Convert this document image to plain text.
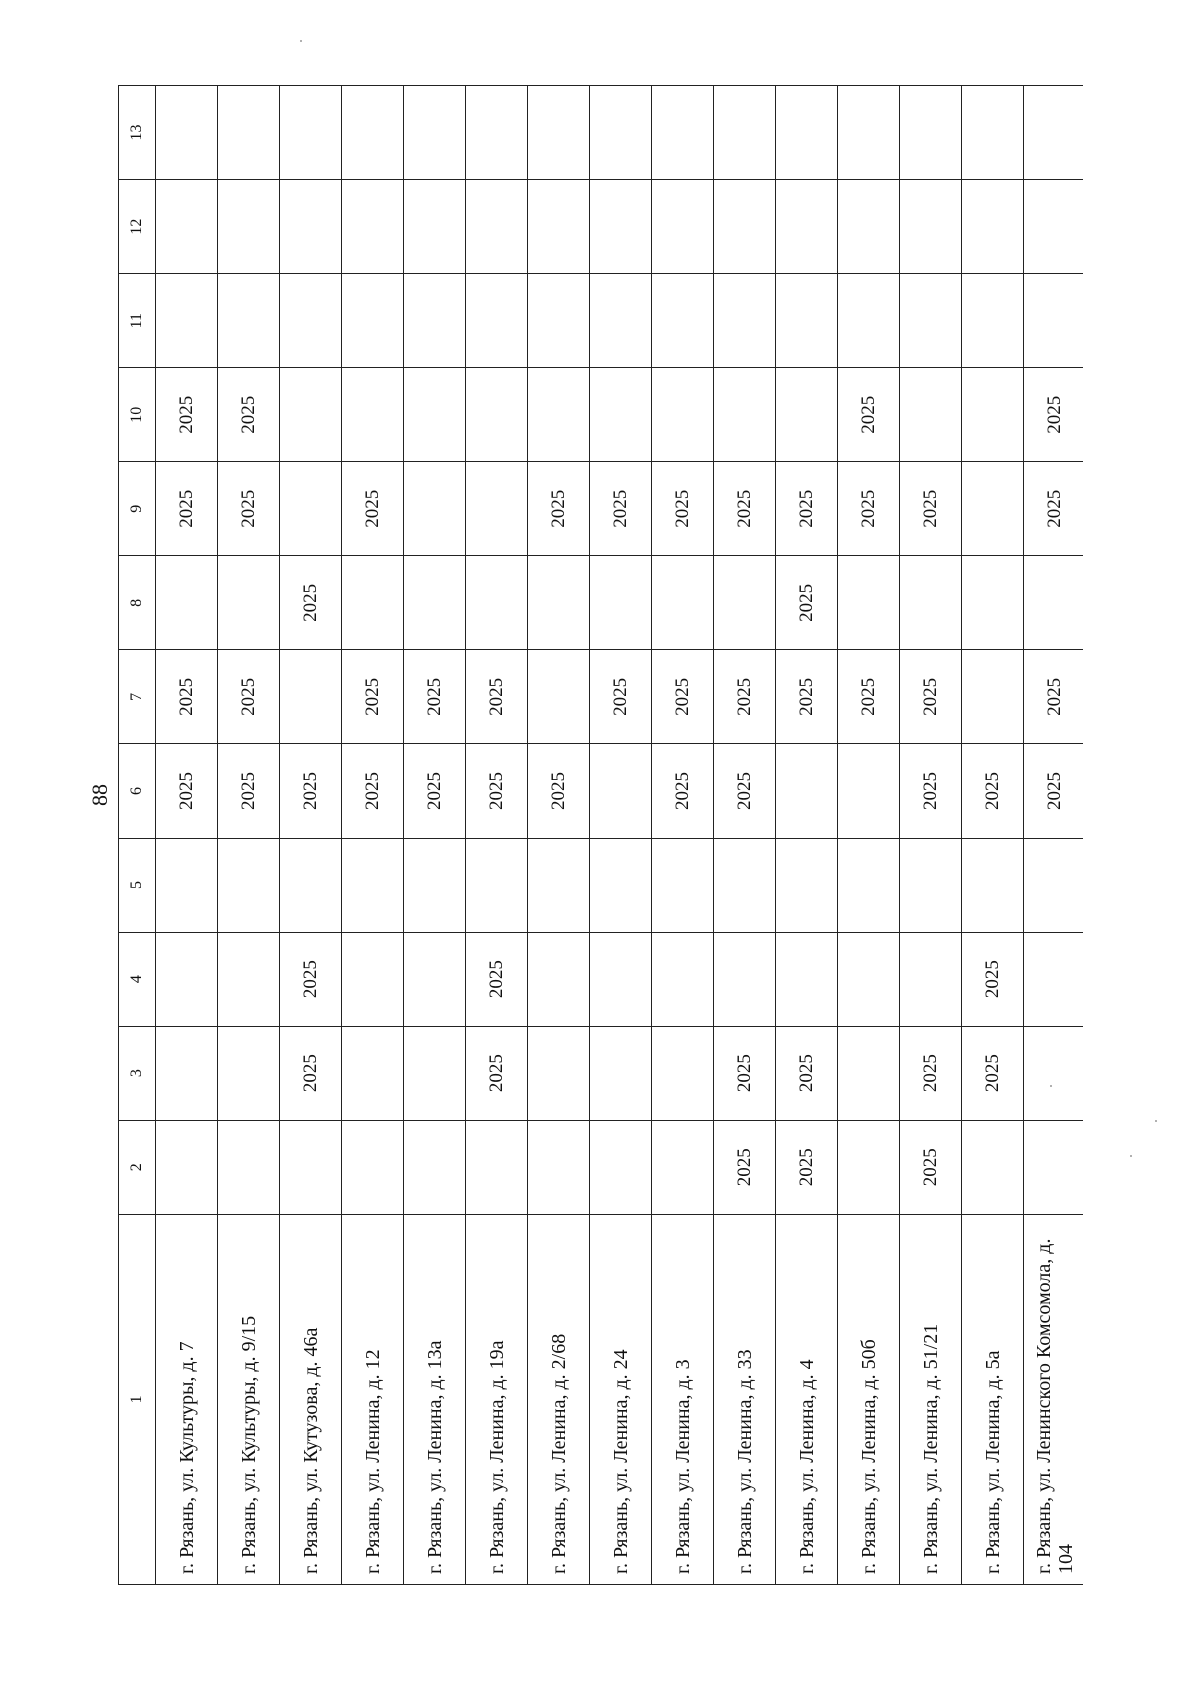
88
1	2	3	4	5	6	7	8	9	10	11	12	13
г. Рязань, ул. Культуры, д. 7					2025	2025		2025	2025			
г. Рязань, ул. Культуры, д. 9/15					2025	2025		2025	2025			
г. Рязань, ул. Кутузова, д. 46а		2025	2025		2025		2025					
г. Рязань, ул. Ленина, д. 12					2025	2025		2025				
г. Рязань, ул. Ленина, д. 13а					2025	2025						
г. Рязань, ул. Ленина, д. 19а		2025	2025		2025	2025						
г. Рязань, ул. Ленина, д. 2/68					2025			2025				
г. Рязань, ул. Ленина, д. 24						2025		2025				
г. Рязань, ул. Ленина, д. 3					2025	2025		2025				
г. Рязань, ул. Ленина, д. 33	2025	2025			2025	2025		2025				
г. Рязань, ул. Ленина, д. 4	2025	2025				2025	2025	2025				
г. Рязань, ул. Ленина, д. 50б						2025		2025	2025			
г. Рязань, ул. Ленина, д. 51/21	2025	2025			2025	2025		2025				
г. Рязань, ул. Ленина, д. 5а		2025	2025		2025							
г. Рязань, ул. Ленинского Комсомола, д. 104					2025	2025		2025	2025			
